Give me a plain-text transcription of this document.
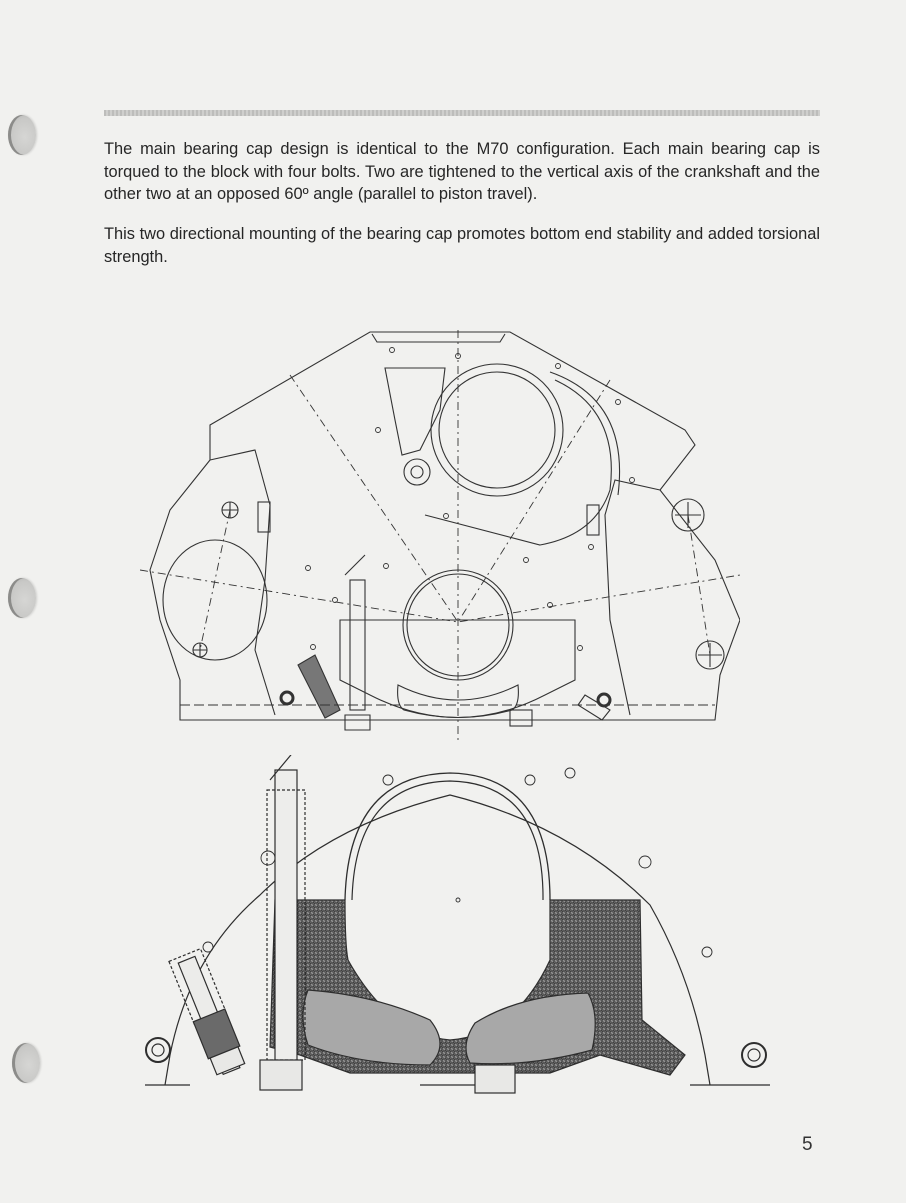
The main bearing cap design is identical to the M70 configuration. Each main bearing cap is torqued to the block with four bolts. Two are tightened to the vertical axis of the crankshaft and the other two at an opposed 60º angle (parallel to piston travel).

This two directional mounting of the bearing cap promotes bottom end stability and added torsional strength.

5
